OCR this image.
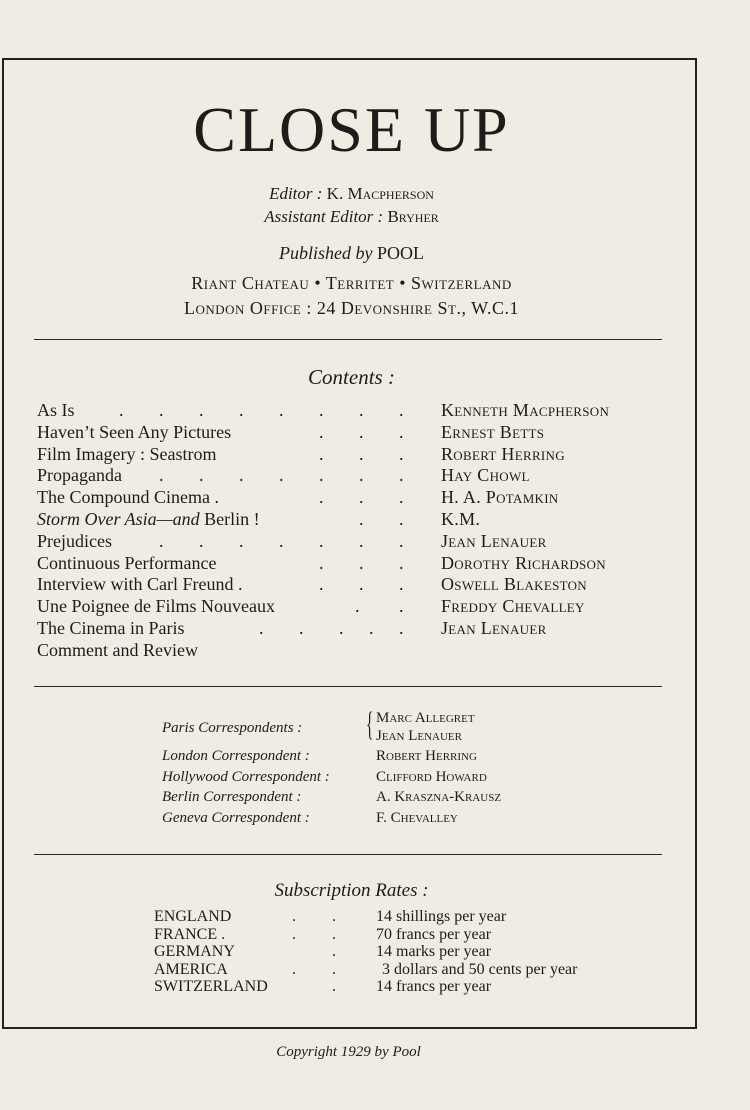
CLOSE UP
Editor : K. Macpherson
Assistant Editor : Bryher
Published by POOL
Riant Chateau • Territet • Switzerland
London Office : 24 Devonshire St., W.C.1
Contents :
. . . . . . . .
As Is	Kenneth Macpherson
. . .
Haven’t Seen Any Pictures	Ernest Betts
. . .
Film Imagery : Seastrom	Robert Herring
. . . . . . .
Propaganda	Hay Chowl
. . .
The Compound Cinema .	H. A. Potamkin
. .
Storm Over Asia—and Berlin !	K.M.
. . . . . . .
Prejudices	Jean Lenauer
. . .
Continuous Performance	Dorothy Richardson
. . .
Interview with Carl Freund .	Oswell Blakeston
. .
Une Poignee de Films Nouveaux	Freddy Chevalley
. . . . .
The Cinema in Paris	Jean Lenauer
Comment and Review
Paris Correspondents : { Marc Allegret
Jean Lenauer
London Correspondent :	Robert Herring
Hollywood Correspondent :	Clifford Howard
Berlin Correspondent :	A. Kraszna-Krausz
Geneva Correspondent :	F. Chevalley
Subscription Rates :
ENGLAND	. .	14 shillings per year
FRANCE .	. .	70 francs per year
GERMANY	.	14 marks per year
AMERICA	. .	3 dollars and 50 cents per year
SWITZERLAND	.	14 francs per year
Copyright 1929 by Pool
